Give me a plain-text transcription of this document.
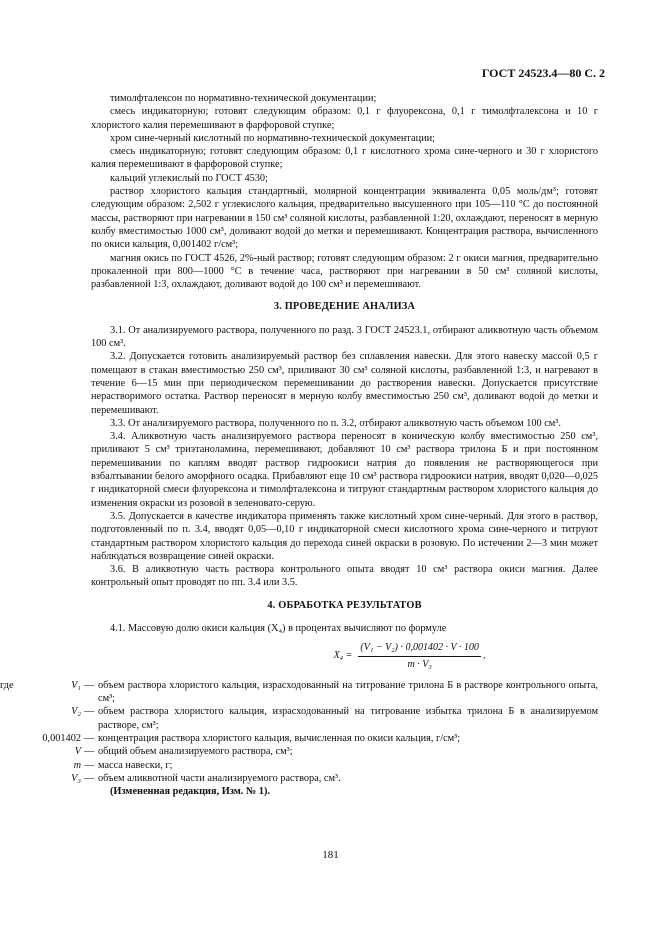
ГОСТ 24523.4—80 С. 2

тимолфталексон по нормативно-технической документации;

смесь индикаторную; готовят следующим образом: 0,1 г флуорексона, 0,1 г тимолфталексона и 10 г хлористого калия перемешивают в фарфоровой ступке;

хром сине-черный кислотный по нормативно-технической документации;

смесь индикаторную; готовят следующим образом: 0,1 г кислотного хрома сине-черного и 30 г хлористого калия перемешивают в фарфоровой ступке;

кальций углекислый по ГОСТ 4530;

раствор хлористого кальция стандартный, молярной концентрации эквивалента 0,05 моль/дм³; готовят следующим образом: 2,502 г углекислого кальция, предварительно высушенного при 105—110 °С до постоянной массы, растворяют при нагревании в 150 см³ соляной кислоты, разбавленной 1:20, охлаждают, переносят в мерную колбу вместимостью 1000 см³, доливают водой до метки и перемешивают. Концентрация раствора, вычисленного по окиси кальция, 0,001402 г/см³;

магния окись по ГОСТ 4526, 2%-ный раствор; готовят следующим образом: 2 г окиси магния, предварительно прокаленной при 800—1000 °С в течение часа, растворяют при нагревании в 50 см³ соляной кислоты, разбавленной 1:3, охлаждают, доливают водой до 100 см³ и перемешивают.

3. ПРОВЕДЕНИЕ АНАЛИЗА

3.1. От анализируемого раствора, полученного по разд. 3 ГОСТ 24523.1, отбирают аликвотную часть объемом 100 см³.

3.2. Допускается готовить анализируемый раствор без сплавления навески. Для этого навеску массой 0,5 г помещают в стакан вместимостью 250 см³, приливают 30 см³ соляной кислоты, разбавленной 1:3, и нагревают в течение 6—15 мин при периодическом перемешивании до растворения навески. Допускается присутствие нерастворимого остатка. Раствор переносят в мерную колбу вместимостью 250 см³, доливают водой до метки и перемешивают.

3.3. От анализируемого раствора, полученного по п. 3.2, отбирают аликвотную часть объемом 100 см³.

3.4. Аликвотную часть анализируемого раствора переносят в коническую колбу вместимостью 250 см³, приливают 5 см³ триэтаноламина, перемешивают, добавляют 10 см³ раствора трилона Б и при постоянном перемешивании по каплям вводят раствор гидроокиси натрия до появления не растворяющегося при взбалтывании белого аморфного осадка. Прибавляют еще 10 см³ раствора гидроокиси натрия, вводят 0,020—0,025 г индикаторной смеси флуорексона и тимолфталексона и титруют стандартным раствором хлористого кальция до изменения окраски из розовой в зеленовато-серую.

3.5. Допускается в качестве индикатора применять также кислотный хром сине-черный. Для этого в раствор, подготовленный по п. 3.4, вводят 0,05—0,10 г индикаторной смеси кислотного хрома сине-черного и титруют стандартным раствором хлористого кальция до перехода синей окраски в розовую. По истечении 2—3 мин может наблюдаться возвращение синей окраски.

3.6. В аликвотную часть раствора контрольного опыта вводят 10 см³ раствора окиси магния. Далее контрольный опыт проводят по пп. 3.4 или 3.5.

4. ОБРАБОТКА РЕЗУЛЬТАТОВ

4.1. Массовую долю окиси кальция (X₄) в процентах вычисляют по формуле

$X_4 = \frac{\text{(V₁ − V₂) · 0,001402 · V · 100}}{\text{m · V₃}}$ ,
где	V₁ — объем раствора хлористого кальция, израсходованный на титрование трилона Б в растворе контрольного опыта, см³;
V₂ — объем раствора хлористого кальция, израсходованный на титрование избытка трилона Б в анализируемом растворе, см³;
0,001402 — концентрация раствора хлористого кальция, вычисленная по окиси кальция, г/см³;
V — общий объем анализируемого раствора, см³;
m — масса навески, г;
V₃ — объем аликвотной части анализируемого раствора, см³.

(Измененная редакция, Изм. № 1).

181
